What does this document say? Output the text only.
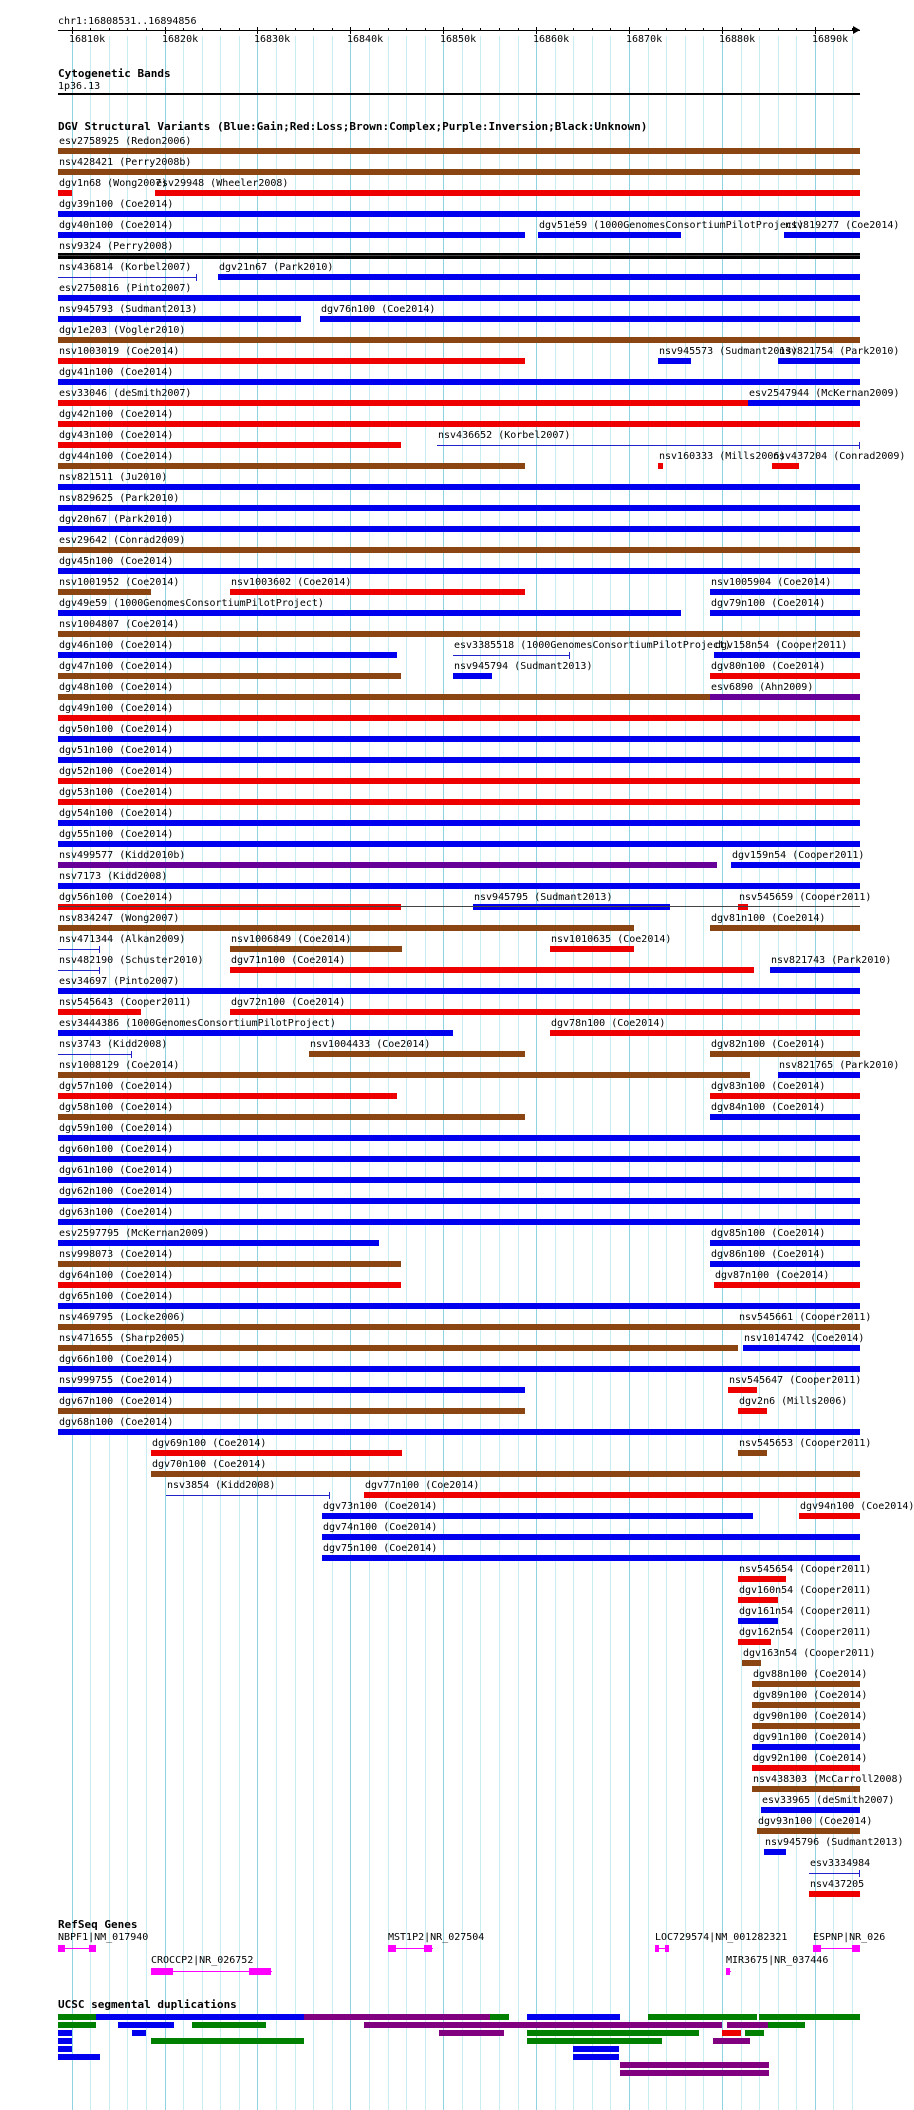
chr1:16808531..16894856
16810k	16820k	16830k	16840k	16850k	16860k	16870k	16880k	16890k
Cytogenetic Bands
1p36.13
DGV Structural Variants (Blue:Gain;Red:Loss;Brown:Complex;Purple:Inversion;Black:Unknown)
esv2758925 (Redon2006)
nsv428421 (Perry2008b)
dgv1n68 (Wong2007)
esv29948 (Wheeler2008)
dgv39n100 (Coe2014)
dgv40n100 (Coe2014)	dgv51e59 (1000GenomesConsortiumPilotProject)
nsv819277 (Coe2014)
nsv9324 (Perry2008)
nsv436814 (Korbel2007)	dgv21n67 (Park2010)
esv2750816 (Pinto2007)
nsv945793 (Sudmant2013)	dgv76n100 (Coe2014)
dgv1e203 (Vogler2010)
nsv1003019 (Coe2014)	nsv945573 (Sudmant2013)
nsv821754 (Park2010)
dgv41n100 (Coe2014)
esv33046 (deSmith2007)	esv2547944 (McKernan2009)
dgv42n100 (Coe2014)
dgv43n100 (Coe2014)	nsv436652 (Korbel2007)
dgv44n100 (Coe2014)	nsv160333 (Mills2006)
nsv437204 (Conrad2009)
nsv821511 (Ju2010)
nsv829625 (Park2010)
dgv20n67 (Park2010)
esv29642 (Conrad2009)
dgv45n100 (Coe2014)
nsv1001952 (Coe2014)	nsv1003602 (Coe2014)	nsv1005904 (Coe2014)
dgv49e59 (1000GenomesConsortiumPilotProject)	dgv79n100 (Coe2014)
nsv1004807 (Coe2014)
dgv46n100 (Coe2014)	esv3385518 (1000GenomesConsortiumPilotProject)
dgv158n54 (Cooper2011)
dgv47n100 (Coe2014)	nsv945794 (Sudmant2013)	dgv80n100 (Coe2014)
dgv48n100 (Coe2014)	esv6890 (Ahn2009)
dgv49n100 (Coe2014)
dgv50n100 (Coe2014)
dgv51n100 (Coe2014)
dgv52n100 (Coe2014)
dgv53n100 (Coe2014)
dgv54n100 (Coe2014)
dgv55n100 (Coe2014)
nsv499577 (Kidd2010b)	dgv159n54 (Cooper2011)
nsv7173 (Kidd2008)
dgv56n100 (Coe2014)	nsv945795 (Sudmant2013)	nsv545659 (Cooper2011)
nsv834247 (Wong2007)	dgv81n100 (Coe2014)
nsv471344 (Alkan2009)	nsv1006849 (Coe2014)	nsv1010635 (Coe2014)
nsv482190 (Schuster2010)	dgv71n100 (Coe2014)	nsv821743 (Park2010)
esv34697 (Pinto2007)
nsv545643 (Cooper2011)	dgv72n100 (Coe2014)
esv3444386 (1000GenomesConsortiumPilotProject)	dgv78n100 (Coe2014)
nsv3743 (Kidd2008)	nsv1004433 (Coe2014)	dgv82n100 (Coe2014)
nsv1008129 (Coe2014)	nsv821765 (Park2010)
dgv57n100 (Coe2014)	dgv83n100 (Coe2014)
dgv58n100 (Coe2014)	dgv84n100 (Coe2014)
dgv59n100 (Coe2014)
dgv60n100 (Coe2014)
dgv61n100 (Coe2014)
dgv62n100 (Coe2014)
dgv63n100 (Coe2014)
esv2597795 (McKernan2009)	dgv85n100 (Coe2014)
nsv998073 (Coe2014)	dgv86n100 (Coe2014)
dgv64n100 (Coe2014)	dgv87n100 (Coe2014)
dgv65n100 (Coe2014)
nsv469795 (Locke2006)	nsv545661 (Cooper2011)
nsv471655 (Sharp2005)	nsv1014742 (Coe2014)
dgv66n100 (Coe2014)
nsv999755 (Coe2014)	nsv545647 (Cooper2011)
dgv67n100 (Coe2014)	dgv2n6 (Mills2006)
dgv68n100 (Coe2014)
dgv69n100 (Coe2014)	nsv545653 (Cooper2011)
dgv70n100 (Coe2014)
nsv3854 (Kidd2008)	dgv77n100 (Coe2014)
dgv73n100 (Coe2014)	dgv94n100 (Coe2014)
dgv74n100 (Coe2014)
dgv75n100 (Coe2014)
nsv545654 (Cooper2011)
dgv160n54 (Cooper2011)
dgv161n54 (Cooper2011)
dgv162n54 (Cooper2011)
dgv163n54 (Cooper2011)
dgv88n100 (Coe2014)
dgv89n100 (Coe2014)
dgv90n100 (Coe2014)
dgv91n100 (Coe2014)
dgv92n100 (Coe2014)
nsv438303 (McCarroll2008)
esv33965 (deSmith2007)
dgv93n100 (Coe2014)
nsv945796 (Sudmant2013)
esv3334984
nsv437205
RefSeq Genes
NBPF1|NM_017940	MST1P2|NR_027504	LOC729574|NM_001282321	ESPNP|NR_026
CROCCP2|NR_026752	MIR3675|NR_037446
UCSC segmental duplications
